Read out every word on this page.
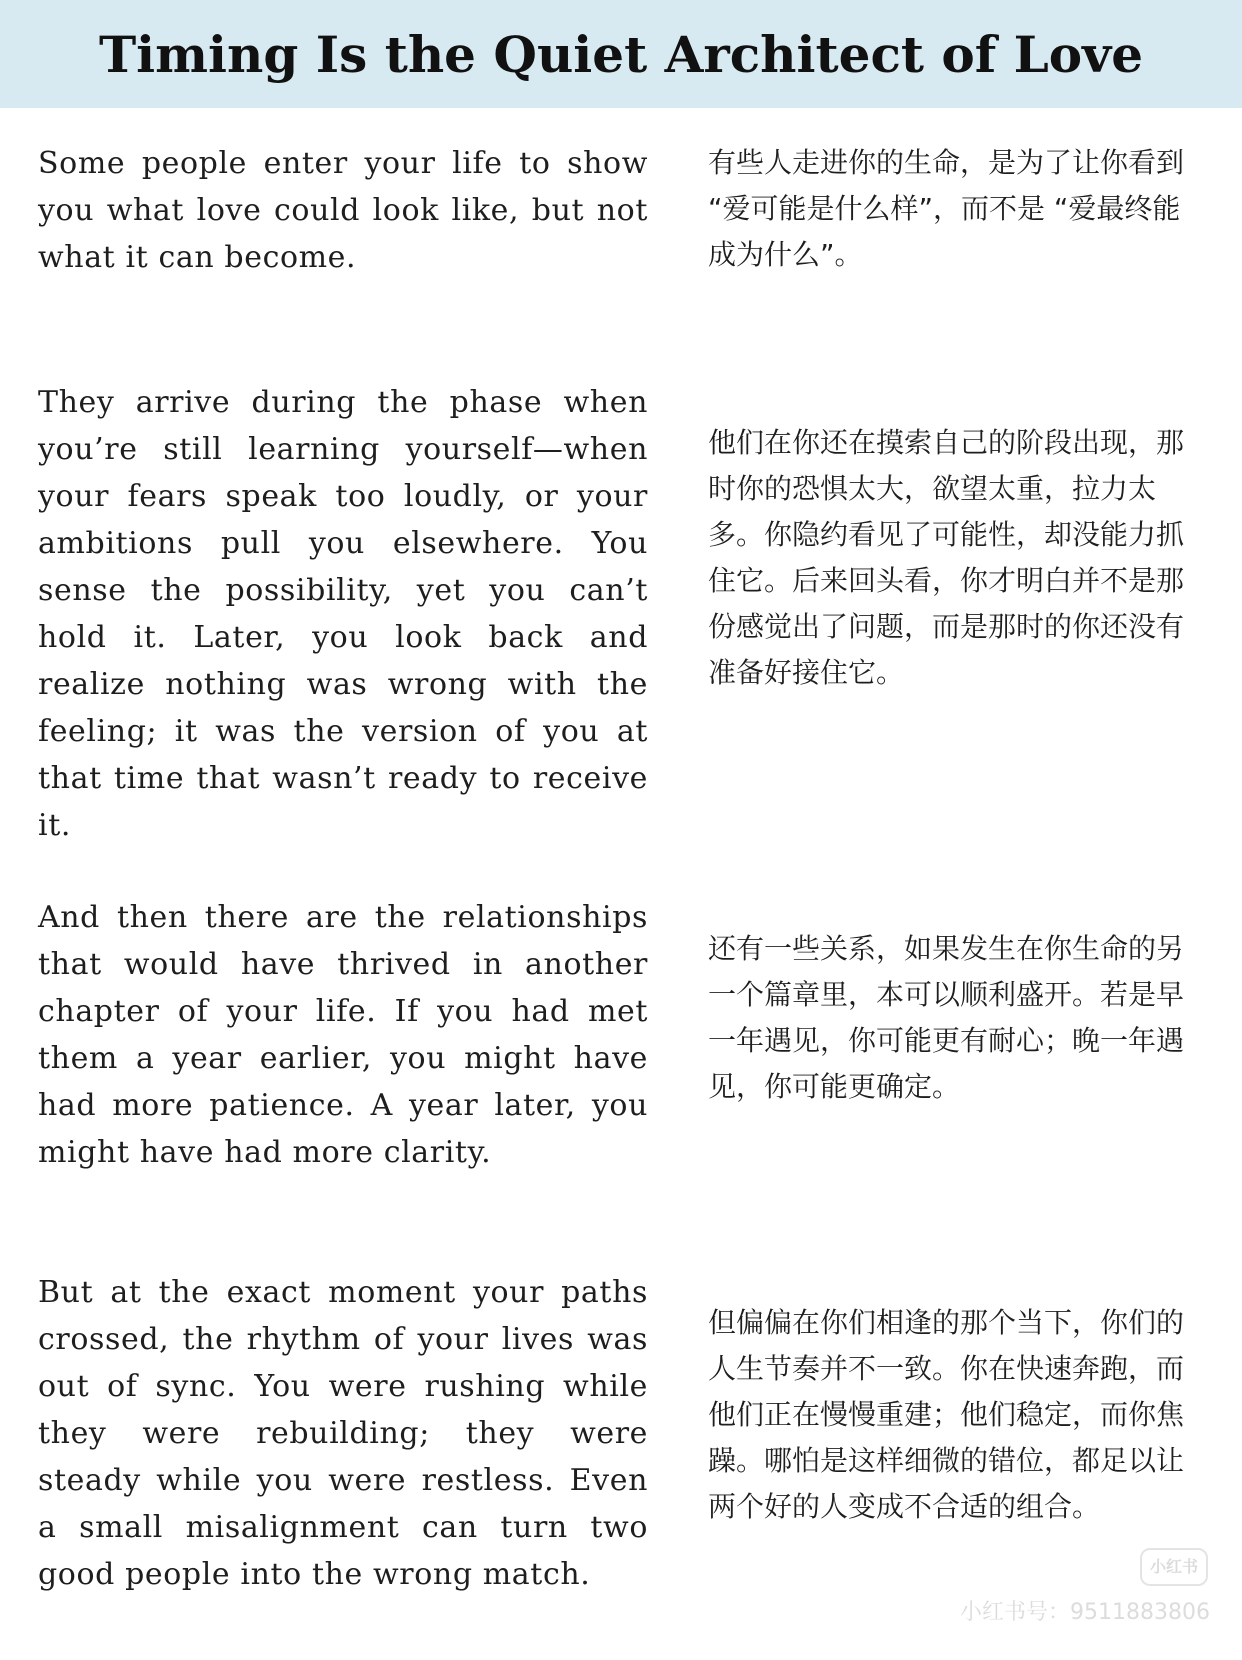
Timing Is the Quiet Architect of Love

Some people enter your life to show you what love could look like, but not what it can become.

有些人走进你的生命，是为了让你看到 “爱可能是什么样”，而不是 “爱最终能成为什么”。

They arrive during the phase when you’re still learning yourself—when your fears speak too loudly, or your ambitions pull you elsewhere. You sense the possibility, yet you can’t hold it. Later, you look back and realize nothing was wrong with the feeling; it was the version of you at that time that wasn’t ready to receive it.

他们在你还在摸索自己的阶段出现，那时你的恐惧太大，欲望太重，拉力太多。你隐约看见了可能性，却没能力抓住它。后来回头看，你才明白并不是那份感觉出了问题，而是那时的你还没有准备好接住它。

And then there are the relationships that would have thrived in another chapter of your life. If you had met them a year earlier, you might have had more patience. A year later, you might have had more clarity.

还有一些关系，如果发生在你生命的另一个篇章里，本可以顺利盛开。若是早一年遇见，你可能更有耐心；晚一年遇见，你可能更确定。

But at the exact moment your paths crossed, the rhythm of your lives was out of sync. You were rushing while they were rebuilding; they were steady while you were restless. Even a small misalignment can turn two good people into the wrong match.

但偏偏在你们相逢的那个当下，你们的人生节奏并不一致。你在快速奔跑，而他们正在慢慢重建；他们稳定，而你焦躁。哪怕是这样细微的错位，都足以让两个好的人变成不合适的组合。

小红书
小红书号：9511883806
